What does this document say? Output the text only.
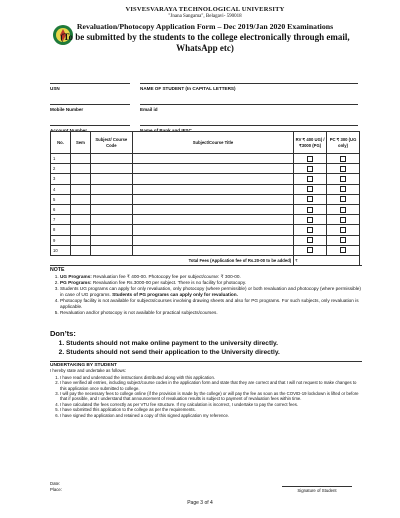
VISVESVARAYA TECHNOLOGICAL UNIVERSITY
"Jnana Sangama", Belagavi- 590018
Revaluation/Photocopy Application Form – Dec 2019/Jan 2020 Examinations
(To be submitted by the students to the college electronically through email, WhatsApp etc)
USN	NAME OF STUDENT (In CAPITAL LETTERS)
Mobile Number	Email id
Account Number	Name of Bank and IFSC
No.	Sem	Subject/ Course Code	Subject/Course Title	RV ₹ 400 UG) / ₹3000 (PG)	PC ₹ 300 (UG only)
1					
2					
3					
4					
5					
6					
7					
8					
9					
10					
Total Fees (Application fee of Rs.20-00 to be added)				₹	
NOTE
1. UG Programs: Revaluation fee ₹ 400-00. Photocopy fee per subject/course: ₹ 300-00.
2. PG Programs: Revaluation fee Rs.3000-00 per subject. There is no facility for photocopy.
3. Students UG programs can apply for only revaluation, only photocopy (where permissible) or both revaluation and photocopy (where permissible) in case of UG programs. Students of PG programs can apply only for revaluation.
4. Photocopy facility is not available for subjects/courses involving drawing sheets and also for PG programs. For such subjects, only revaluation is applicable.
5. Revaluation and/or photocopy is not available for practical subjects/courses.
Don’ts:
1. Students should not make online payment to the university directly.
2. Students should not send their application to the University directly.
UNDERTAKING BY STUDENT
I hereby state and undertake as follows:
1. I have read and understood the instructions distributed along with this application.
2. I have verified all entries, including subject/course codes in the application form and state that they are correct and that I will not request to make changes to this application once submitted to college.
3. I will pay the necessary fees to college online (if the provision is made by the college) or will pay the fee as soon as the COVID-19 lockdown is lifted or before that if possible, and I understand that announcement of revaluation results is subject to payment of revaluation fees within time.
4. I have calculated the fees correctly as per VTU fee structure. If my calculation is incorrect, I undertake to pay the correct fees.
5. I have submitted this application to the college as per the requirements.
6. I have signed the application and retained a copy of this signed application my reference.
Date:
Place:	Signature of Student
Page 3 of 4
